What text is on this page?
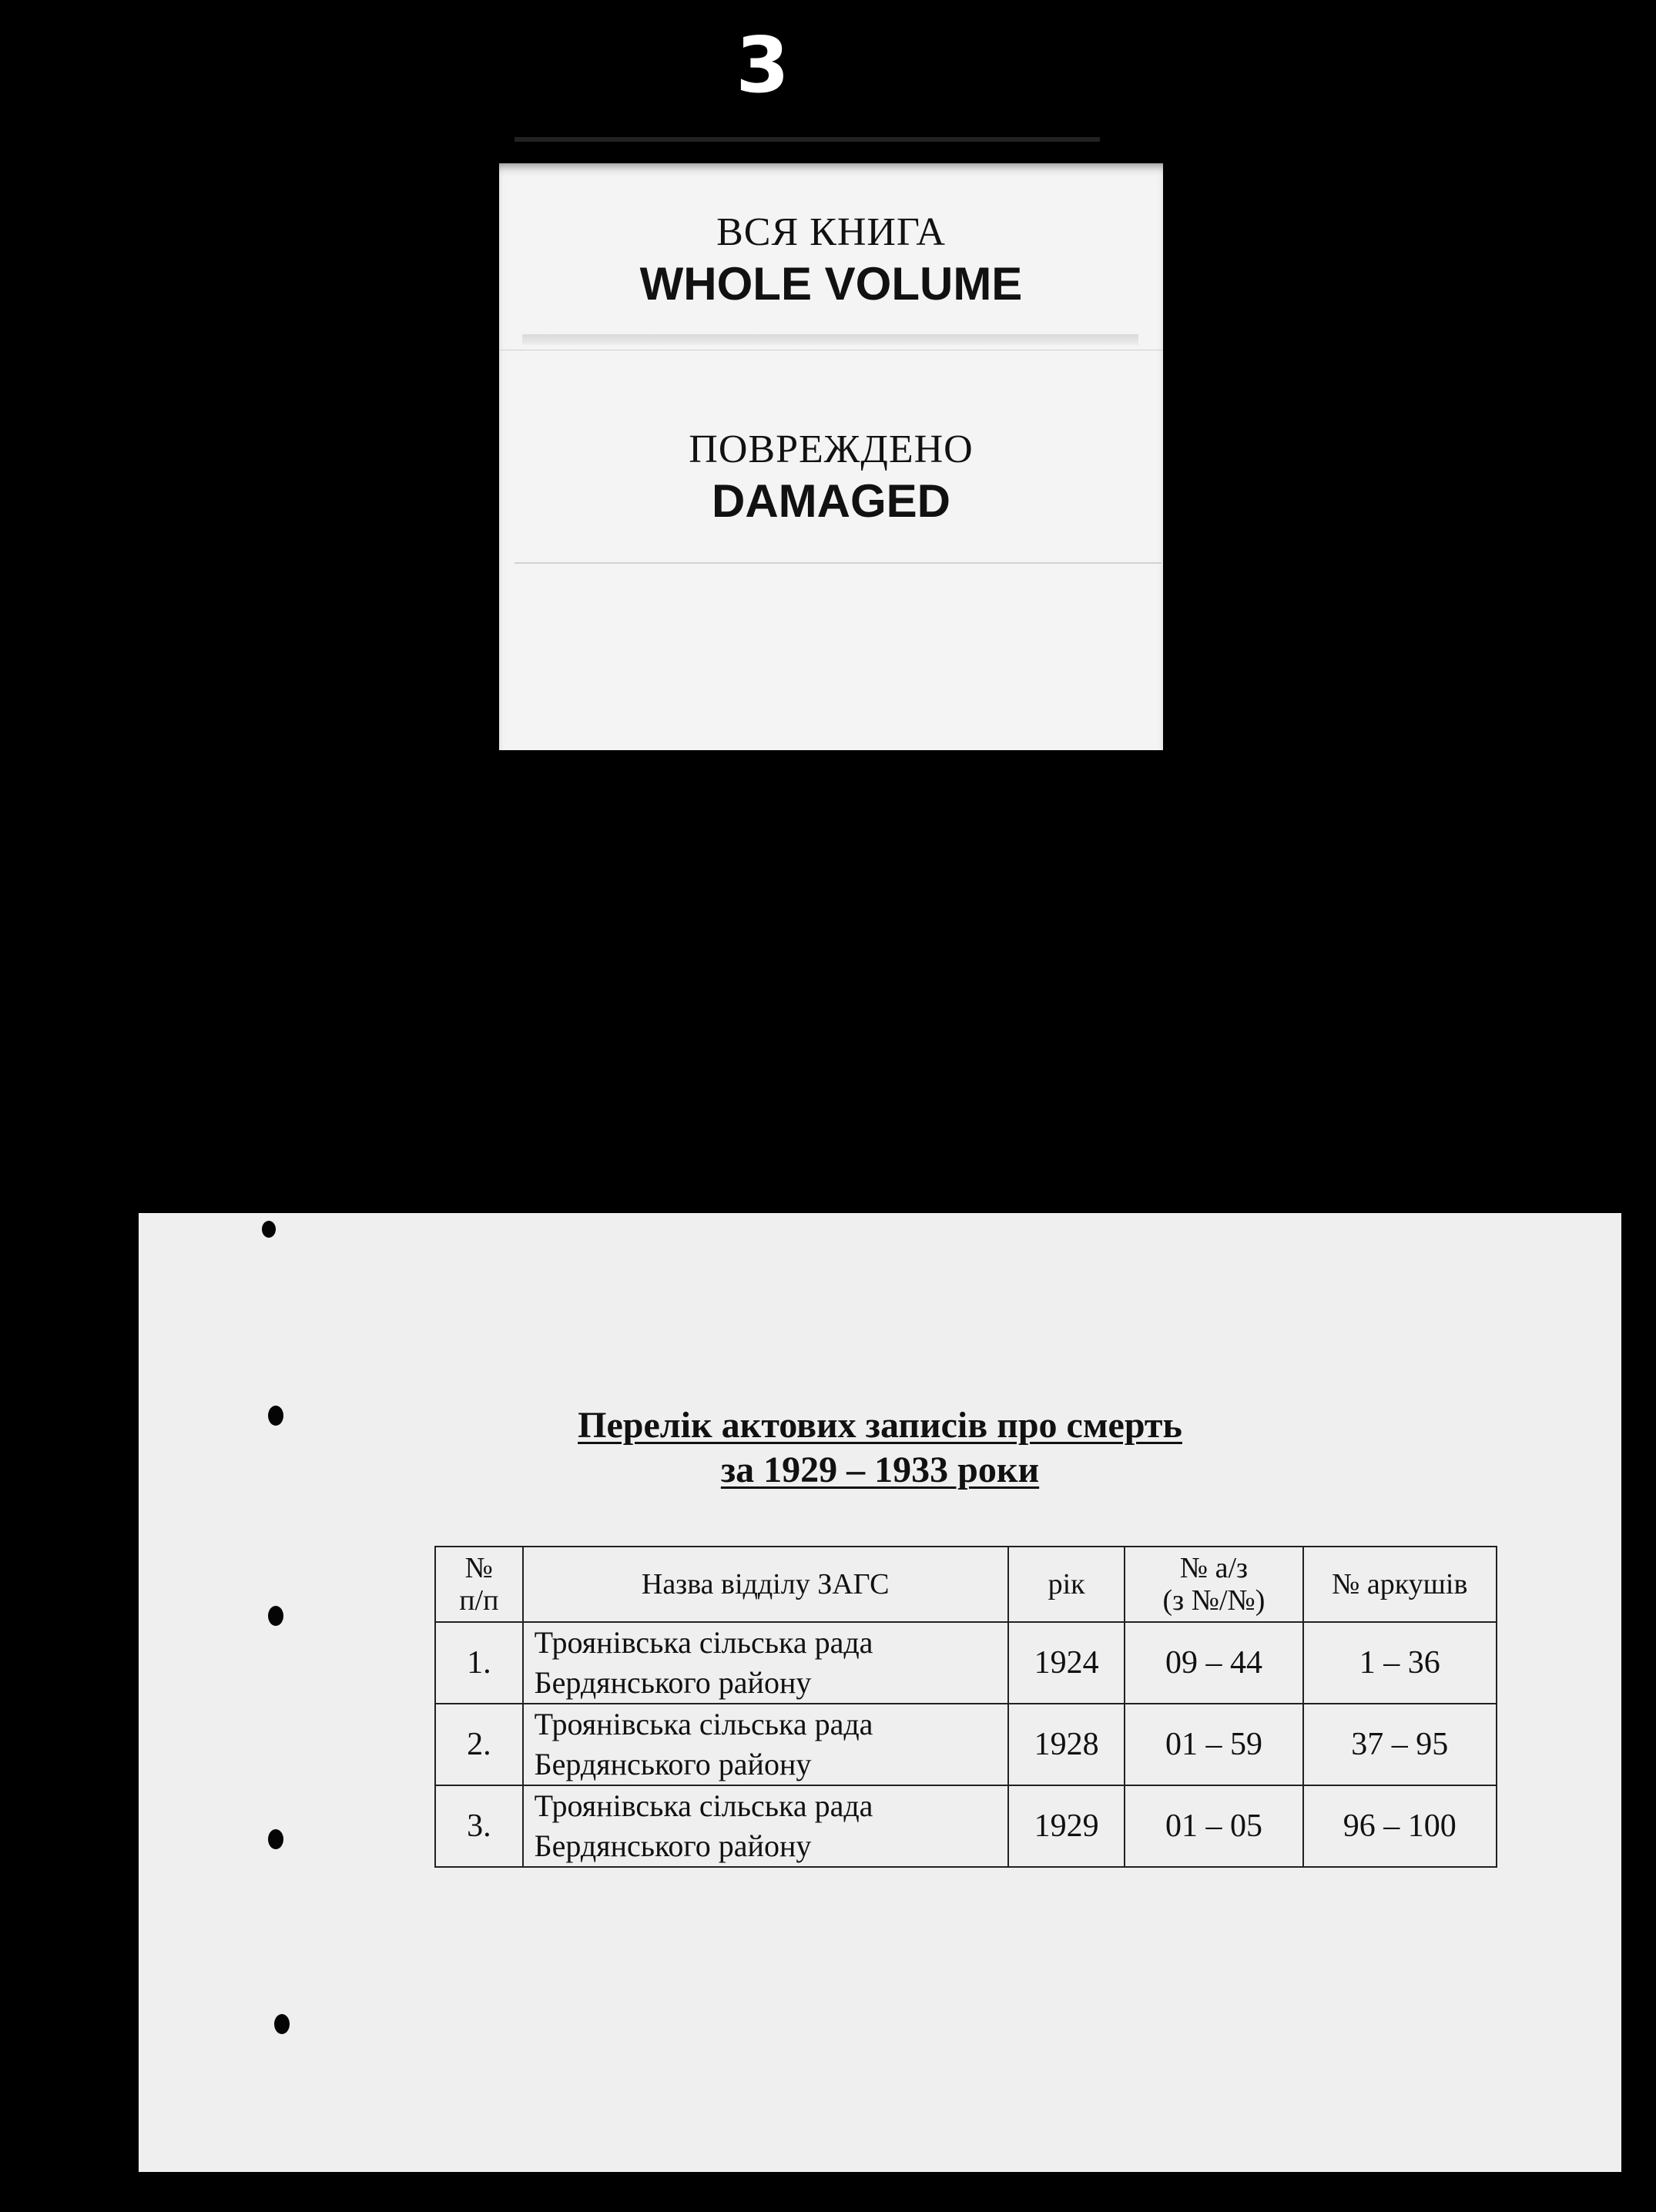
3
ВСЯ КНИГА
WHOLE VOLUME
ПОВРЕЖДЕНО
DAMAGED
Перелік актових записів про смерть
за 1929 – 1933 роки
№
п/п	Назва відділу ЗАГС	рік	№ а/з
(з №/№)	№ аркушів
1.	Троянівська сільська рада
Бердянського району	1924	09 – 44	1 – 36
2.	Троянівська сільська рада
Бердянського району	1928	01 – 59	37 – 95
3.	Троянівська сільська рада
Бердянського району	1929	01 – 05	96 – 100
